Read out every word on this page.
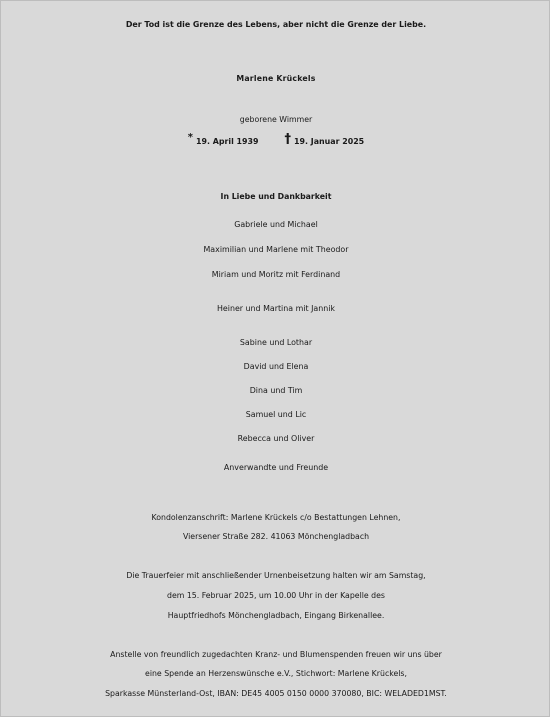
Der Tod ist die Grenze des Lebens, aber nicht die Grenze der Liebe.
Marlene Krückels
geborene Wimmer
* 19. April 1939 † 19. Januar 2025
In Liebe und Dankbarkeit
Gabriele und Michael
Maximilian und Marlene mit Theodor
Miriam und Moritz mit Ferdinand
Heiner und Martina mit Jannik
Sabine und Lothar
David und Elena
Dina und Tim
Samuel und Lic
Rebecca und Oliver
Anverwandte und Freunde
Kondolenzanschrift: Marlene Krückels c/o Bestattungen Lehnen,
Viersener Straße 282. 41063 Mönchengladbach
Die Trauerfeier mit anschließender Urnenbeisetzung halten wir am Samstag,
dem 15. Februar 2025, um 10.00 Uhr in der Kapelle des
Hauptfriedhofs Mönchengladbach, Eingang Birkenallee.
Anstelle von freundlich zugedachten Kranz- und Blumenspenden freuen wir uns über
eine Spende an Herzenswünsche e.V., Stichwort: Marlene Krückels,
Sparkasse Münsterland-Ost, IBAN: DE45 4005 0150 0000 370080, BIC: WELADED1MST.
